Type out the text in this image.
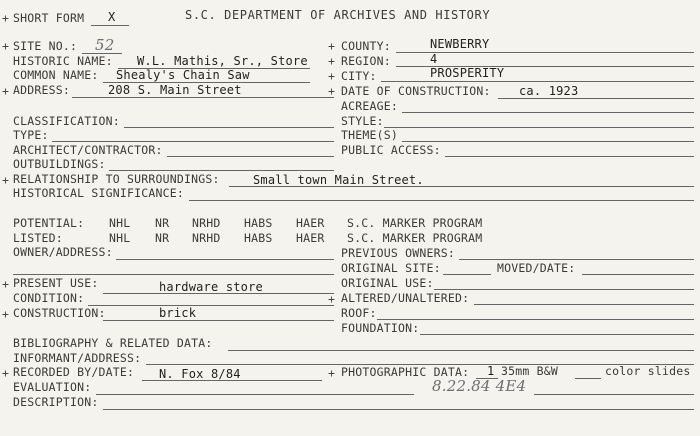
+ SHORT FORM X	S.C. DEPARTMENT OF ARCHIVES AND HISTORY
+ SITE NO.: 52
HISTORIC NAME: W.L. Mathis, Sr., Store
COMMON NAME: Shealy's Chain Saw
+ ADDRESS:	208 S. Main Street
+ COUNTY:	NEWBERRY
+ REGION:	4
+ CITY:	PROSPERITY
+ DATE OF CONSTRUCTION: ca. 1923
ACREAGE:
CLASSIFICATION:	STYLE:
TYPE:	THEME(S)
ARCHITECT/CONTRACTOR:	PUBLIC ACCESS:
OUTBUILDINGS:
+ RELATIONSHIP TO SURROUNDINGS:	Small town Main Street.
HISTORICAL SIGNIFICANCE:
POTENTIAL: NHL NR NRHD HABS HAER S.C. MARKER PROGRAM
LISTED:	NHL NR NRHD HABS HAER S.C. MARKER PROGRAM
OWNER/ADDRESS:	PREVIOUS OWNERS:
ORIGINAL SITE:	MOVED/DATE:
+ PRESENT USE:	hardware store	ORIGINAL USE:
CONDITION:	+ ALTERED/UNALTERED:
+ CONSTRUCTION:	brick	ROOF:
FOUNDATION:
BIBLIOGRAPHY & RELATED DATA:
INFORMANT/ADDRESS:
+ RECORDED BY/DATE: N. Fox 8/84	+ PHOTOGRAPHIC DATA: 1 35mm B&W	color slides
8.22.84 4E4
EVALUATION:
DESCRIPTION:
